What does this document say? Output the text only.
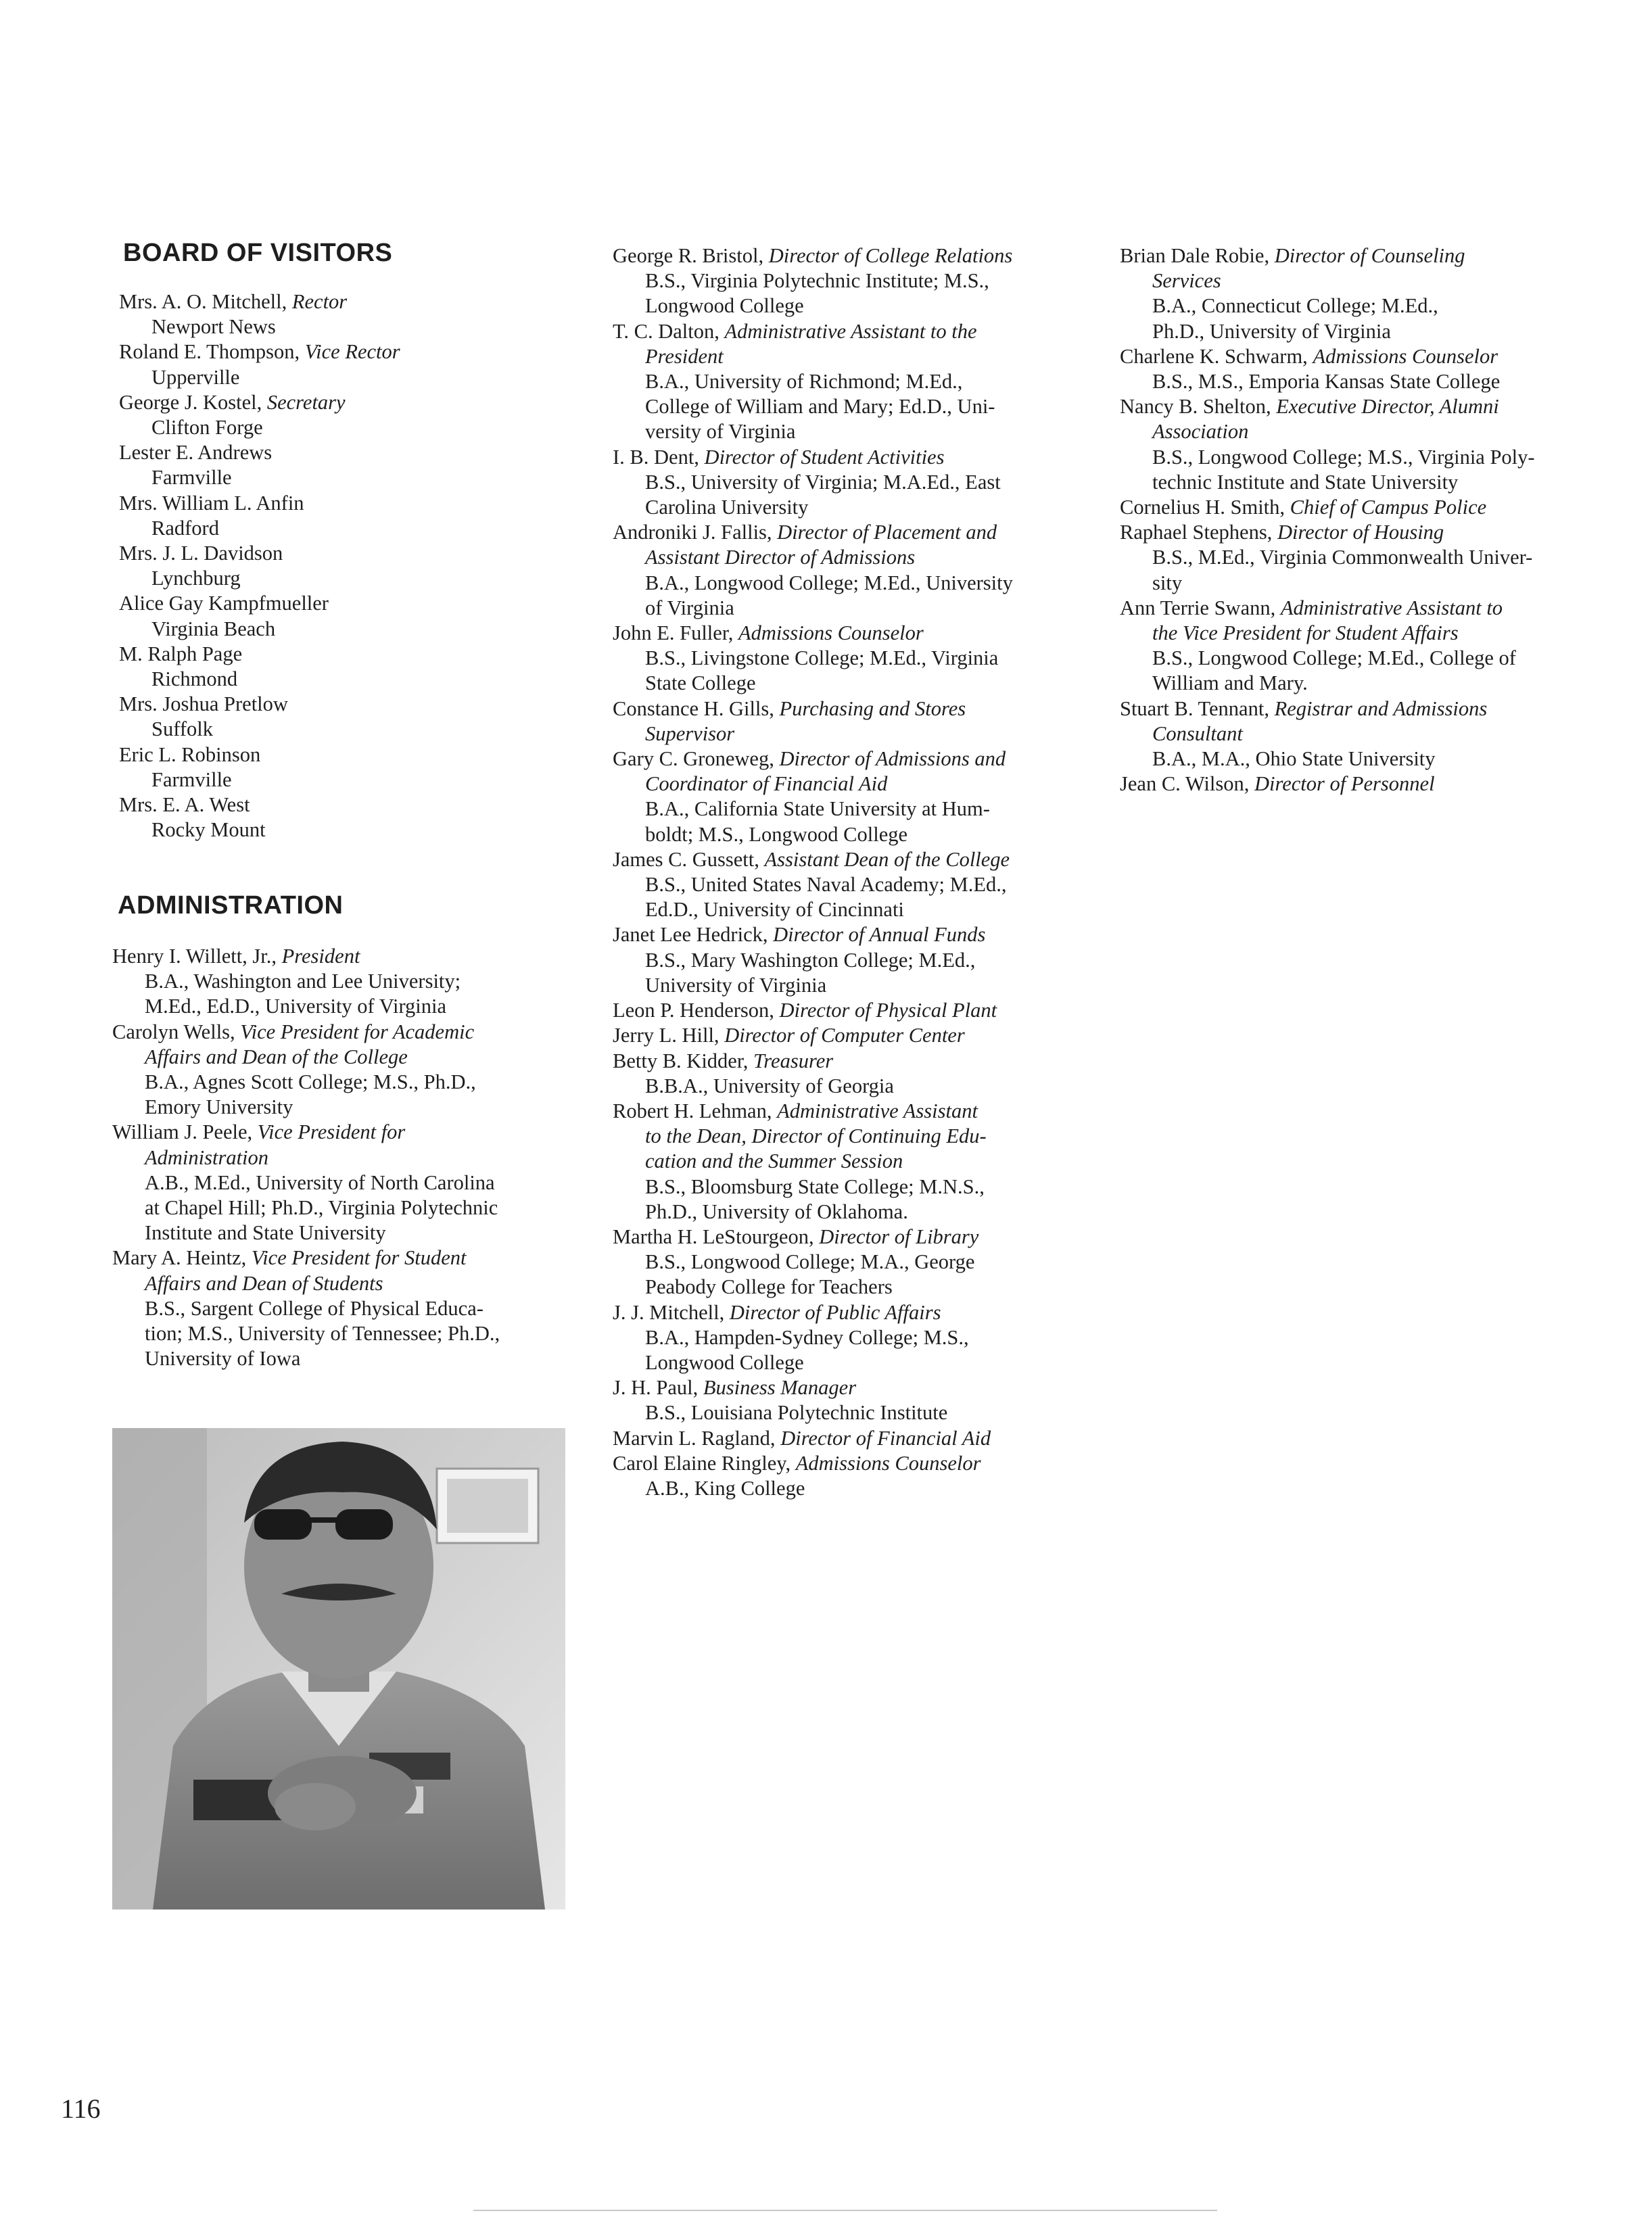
BOARD OF VISITORS
Mrs. A. O. Mitchell, Rector
Newport News
Roland E. Thompson, Vice Rector
Upperville
George J. Kostel, Secretary
Clifton Forge
Lester E. Andrews
Farmville
Mrs. William L. Anfin
Radford
Mrs. J. L. Davidson
Lynchburg
Alice Gay Kampfmueller
Virginia Beach
M. Ralph Page
Richmond
Mrs. Joshua Pretlow
Suffolk
Eric L. Robinson
Farmville
Mrs. E. A. West
Rocky Mount
ADMINISTRATION
Henry I. Willett, Jr., President
B.A., Washington and Lee University;
M.Ed., Ed.D., University of Virginia
Carolyn Wells, Vice President for Academic
Affairs and Dean of the College
B.A., Agnes Scott College; M.S., Ph.D.,
Emory University
William J. Peele, Vice President for
Administration
A.B., M.Ed., University of North Carolina
at Chapel Hill; Ph.D., Virginia Polytechnic
Institute and State University
Mary A. Heintz, Vice President for Student
Affairs and Dean of Students
B.S., Sargent College of Physical Educa-
tion; M.S., University of Tennessee; Ph.D.,
University of Iowa
George R. Bristol, Director of College Relations
B.S., Virginia Polytechnic Institute; M.S.,
Longwood College
T. C. Dalton, Administrative Assistant to the
President
B.A., University of Richmond; M.Ed.,
College of William and Mary; Ed.D., Uni-
versity of Virginia
I. B. Dent, Director of Student Activities
B.S., University of Virginia; M.A.Ed., East
Carolina University
Androniki J. Fallis, Director of Placement and
Assistant Director of Admissions
B.A., Longwood College; M.Ed., University
of Virginia
John E. Fuller, Admissions Counselor
B.S., Livingstone College; M.Ed., Virginia
State College
Constance H. Gills, Purchasing and Stores
Supervisor
Gary C. Groneweg, Director of Admissions and
Coordinator of Financial Aid
B.A., California State University at Hum-
boldt; M.S., Longwood College
James C. Gussett, Assistant Dean of the College
B.S., United States Naval Academy; M.Ed.,
Ed.D., University of Cincinnati
Janet Lee Hedrick, Director of Annual Funds
B.S., Mary Washington College; M.Ed.,
University of Virginia
Leon P. Henderson, Director of Physical Plant
Jerry L. Hill, Director of Computer Center
Betty B. Kidder, Treasurer
B.B.A., University of Georgia
Robert H. Lehman, Administrative Assistant
to the Dean, Director of Continuing Edu-
cation and the Summer Session
B.S., Bloomsburg State College; M.N.S.,
Ph.D., University of Oklahoma.
Martha H. LeStourgeon, Director of Library
B.S., Longwood College; M.A., George
Peabody College for Teachers
J. J. Mitchell, Director of Public Affairs
B.A., Hampden-Sydney College; M.S.,
Longwood College
J. H. Paul, Business Manager
B.S., Louisiana Polytechnic Institute
Marvin L. Ragland, Director of Financial Aid
Carol Elaine Ringley, Admissions Counselor
A.B., King College
Brian Dale Robie, Director of Counseling
Services
B.A., Connecticut College; M.Ed.,
Ph.D., University of Virginia
Charlene K. Schwarm, Admissions Counselor
B.S., M.S., Emporia Kansas State College
Nancy B. Shelton, Executive Director, Alumni
Association
B.S., Longwood College; M.S., Virginia Poly-
technic Institute and State University
Cornelius H. Smith, Chief of Campus Police
Raphael Stephens, Director of Housing
B.S., M.Ed., Virginia Commonwealth Univer-
sity
Ann Terrie Swann, Administrative Assistant to
the Vice President for Student Affairs
B.S., Longwood College; M.Ed., College of
William and Mary.
Stuart B. Tennant, Registrar and Admissions
Consultant
B.A., M.A., Ohio State University
Jean C. Wilson, Director of Personnel
116
